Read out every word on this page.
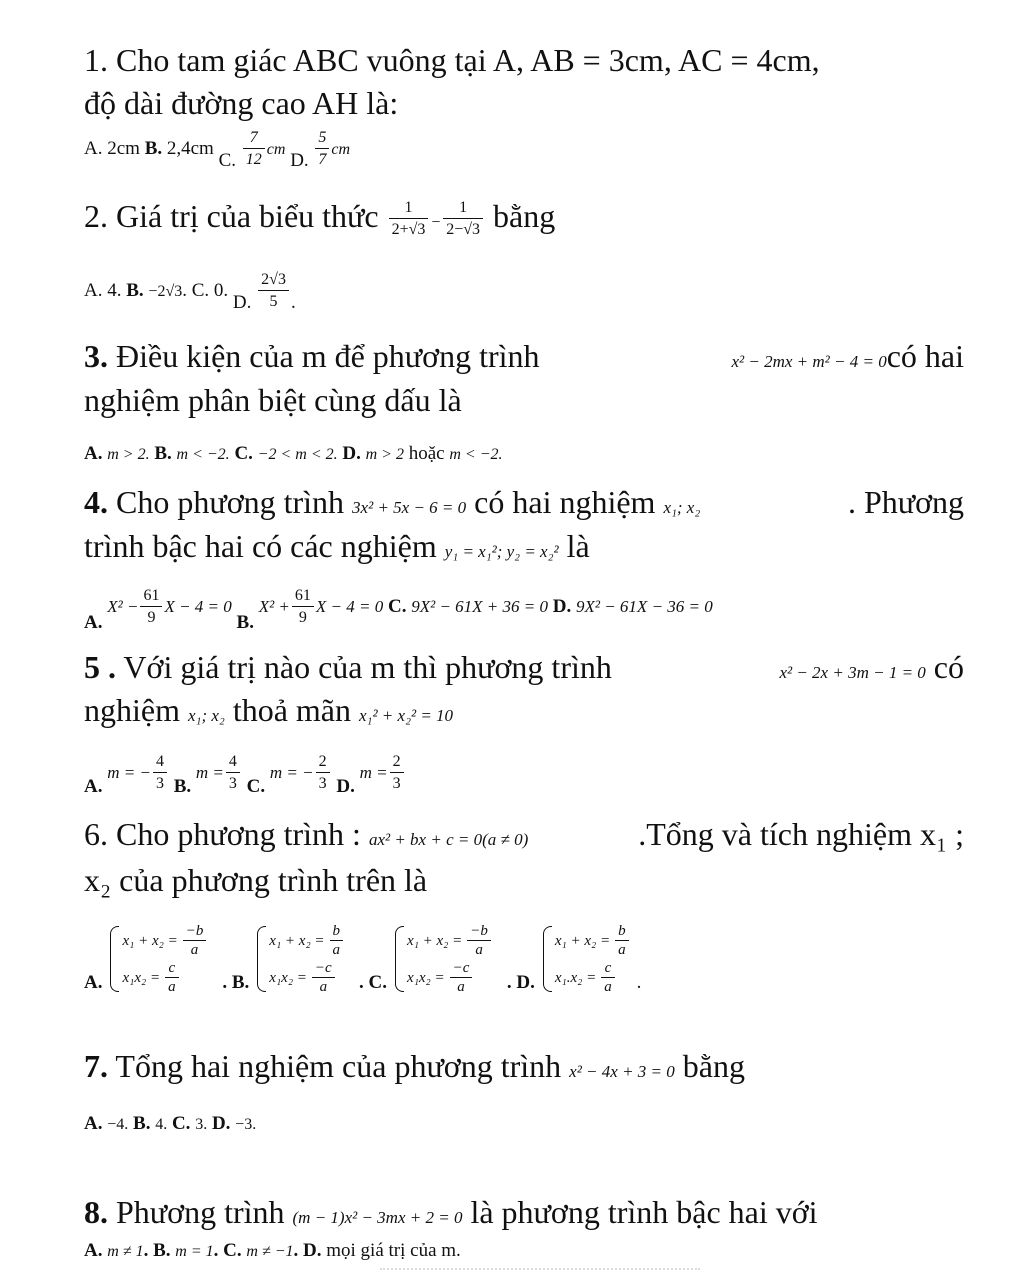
1. Cho tam giác ABC vuông tại A, AB = 3cm, AC = 4cm,
độ dài đường cao AH là:
A. 2cm B. 2,4cm C. $\frac{7}{12}$ cm D. $\frac{5}{7}$ cm
2. Giá trị của biểu thức $\frac{1}{2+√3} - \frac{1}{2-√3}$ bằng
A. 4. B. −2√3. C. 0. D. $\frac{2√3}{5}$ .
3. Điều kiện của m để phương trình	x² − 2mx + m² − 4 = 0có hai
nghiệm phân biệt cùng dấu là
A. m > 2. B. m < −2. C. −2 < m < 2. D. m > 2 hoặc m < −2.
4. Cho phương trình 3x² + 5x − 6 = 0 có hai nghiệm x₁; x₂	. Phương
trình bậc hai có các nghiệm y₁ = x₁²; y₂ = x₂² là
A. $X^2 - \frac{61}{9}$ X − 4 = 0 B. $X^2 + \frac{61}{9}$ X − 4 = 0 C. 9X² − 61X + 36 = 0 D. 9X² − 61X − 36 = 0
5 . Với giá trị nào của m thì phương trình	x² − 2x + 3m − 1 = 0 có
nghiệm x₁; x₂ thoả mãn x₁² + x₂² = 10
A. m = − $\frac{4}{3} B$. $m = \frac{4}{3} C$. m = − $\frac{2}{3} D$. $m = \frac{2}{3}$
6. Cho phương trình : ax² + bx + c = 0(a ≠ 0)	.Tổng và tích nghiệm x₁ ;
x₂ của phương trình trên là
A.
$x_1 + x_2 = \frac{-b}{a}$
$x_1x_2 = \frac{c}{a}$ . B.
$x_1 + x_2 = \frac{b}{a}$
$x_1x_2 = \frac{-c}{a}$ . C.
$x_1 + x_2 = \frac{-b}{a}$
$x_1x_2 = \frac{-c}{a}$ . D.
$x_1 + x_2 = \frac{b}{a}$
$x_1.x_2 = \frac{c}{a}$ .
7. Tổng hai nghiệm của phương trình x² − 4x + 3 = 0 bằng
A. −4. B. 4. C. 3. D. −3.
8. Phương trình (m − 1)x² − 3mx + 2 = 0 là phương trình bậc hai với
A. m ≠ 1. B. m = 1. C. m ≠ −1. D. mọi giá trị của m.
